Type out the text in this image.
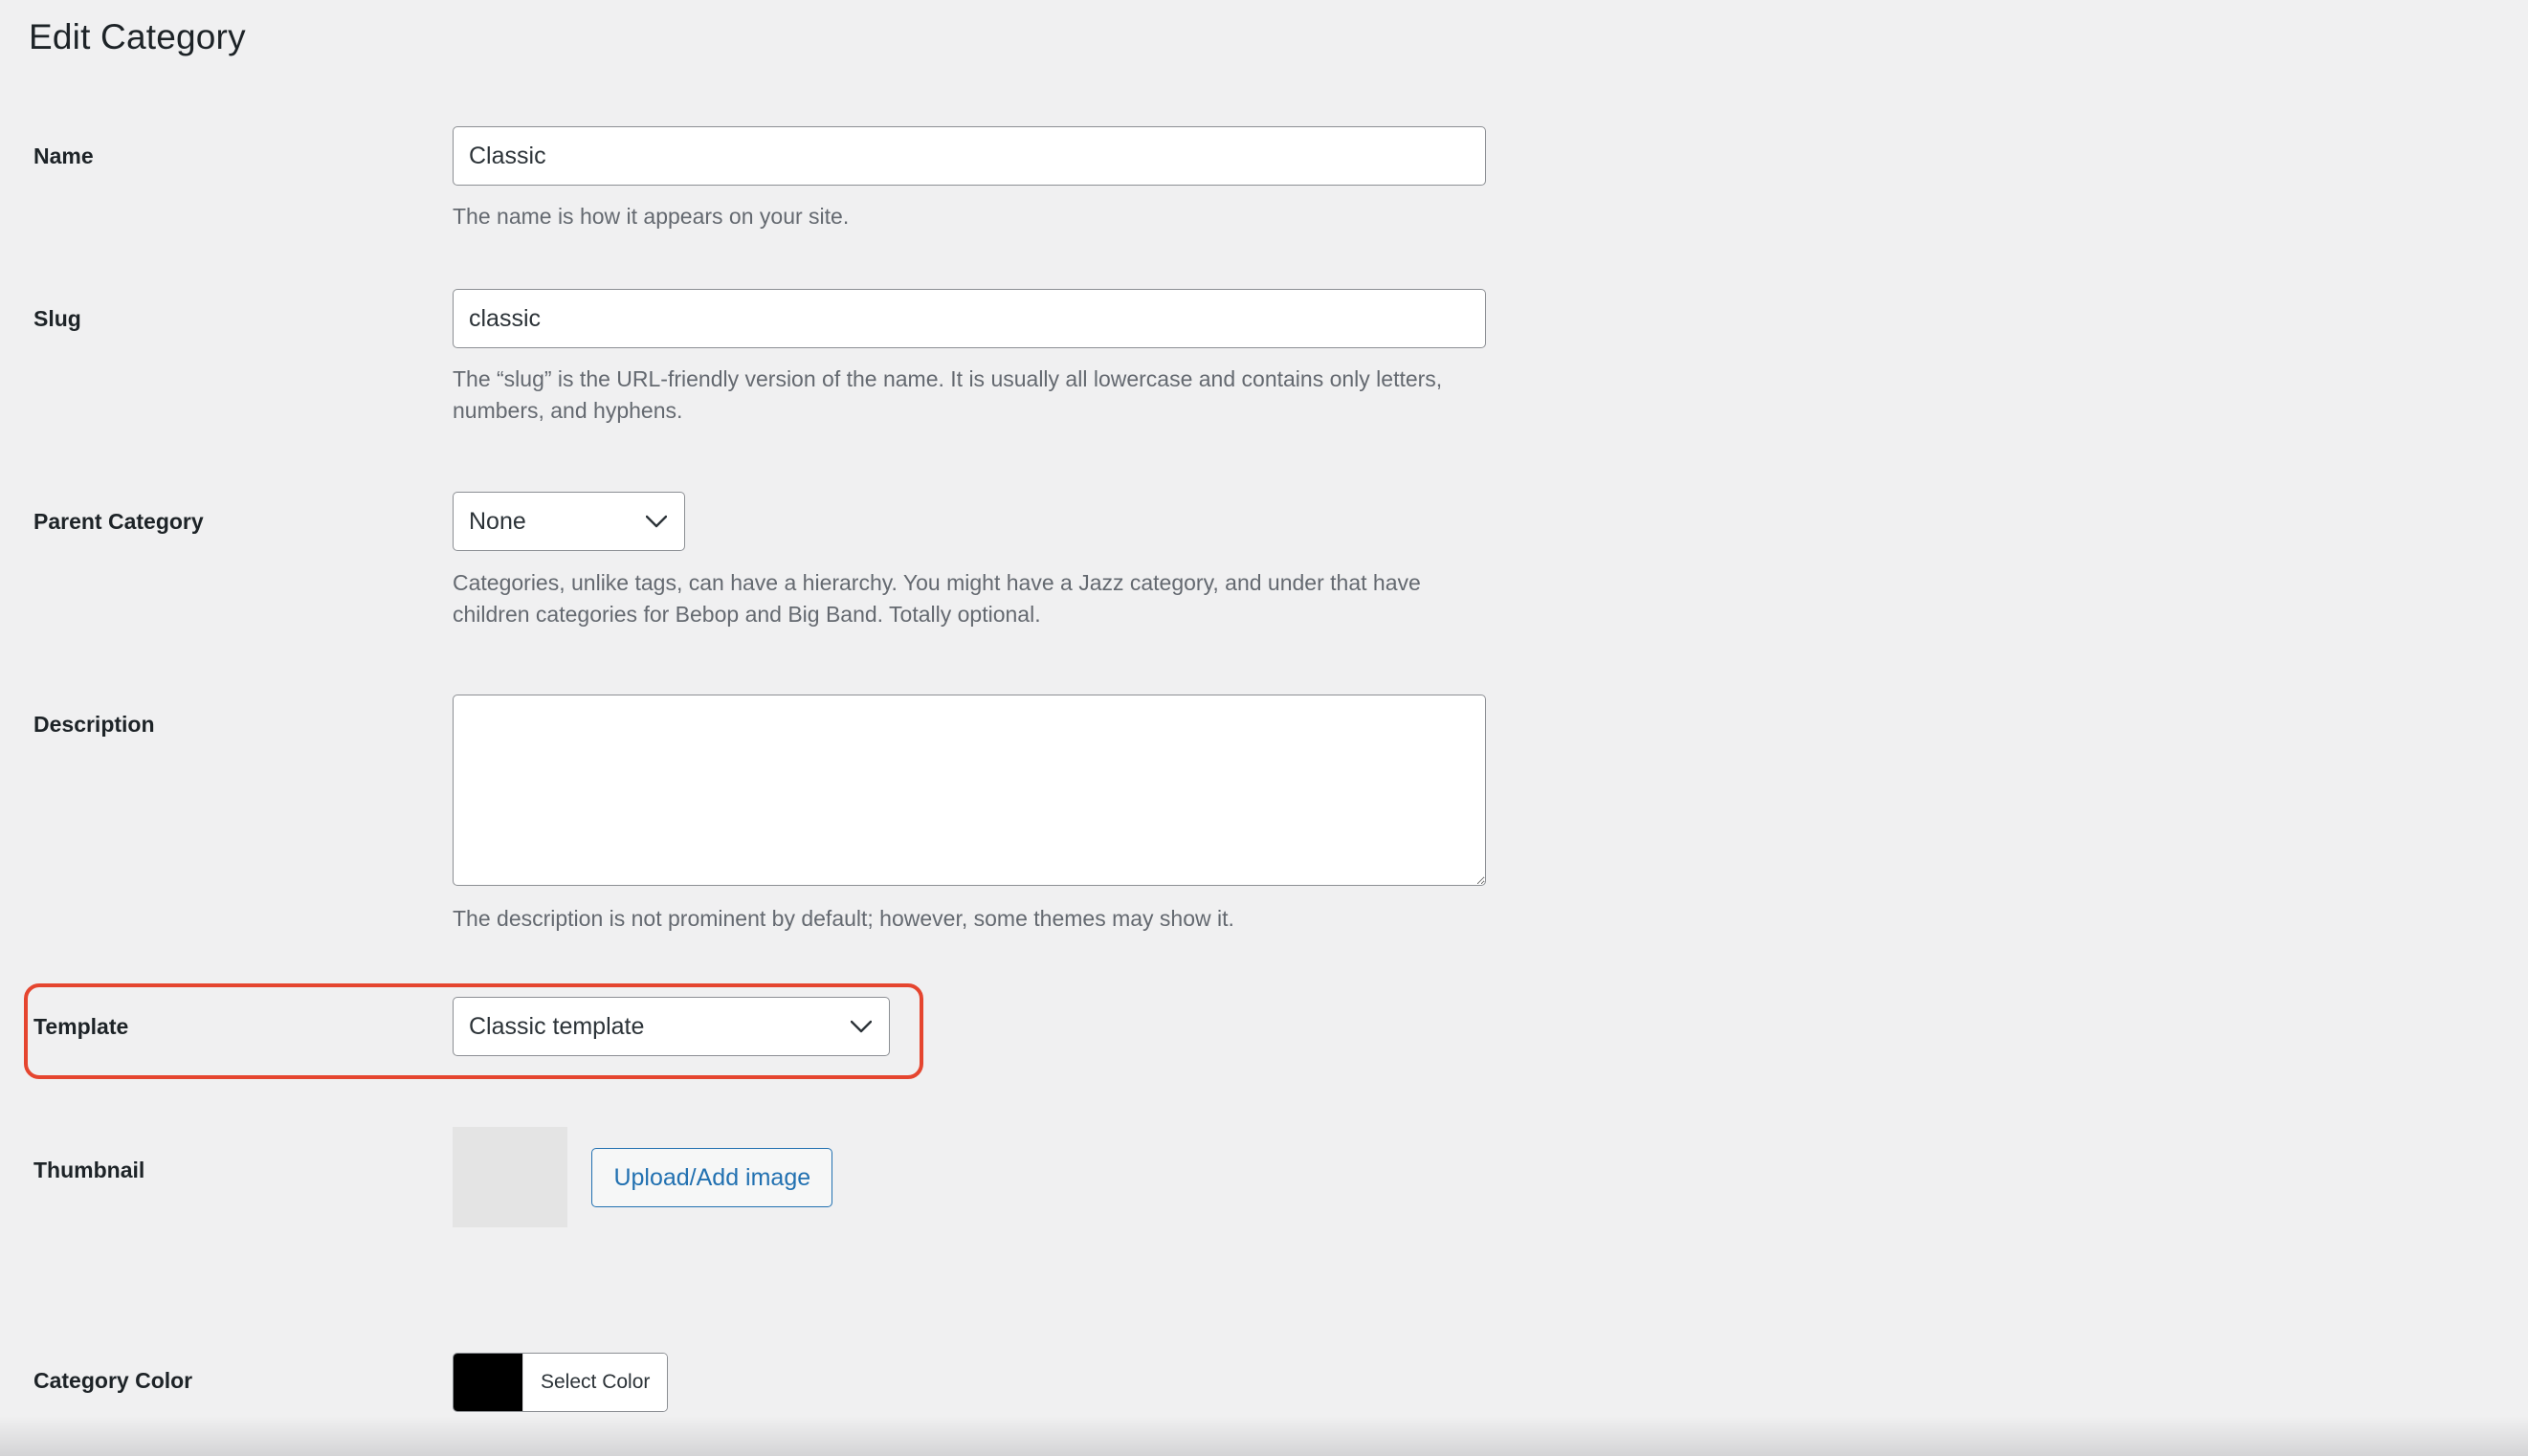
Edit Category
Name
Classic
The name is how it appears on your site.
Slug
classic
The “slug” is the URL-friendly version of the name. It is usually all lowercase and contains only letters, numbers, and hyphens.
Parent Category
None
Categories, unlike tags, can have a hierarchy. You might have a Jazz category, and under that have children categories for Bebop and Big Band. Totally optional.
Description
The description is not prominent by default; however, some themes may show it.
Template
Classic template
Thumbnail	Upload/Add image
Category Color	Select Color
